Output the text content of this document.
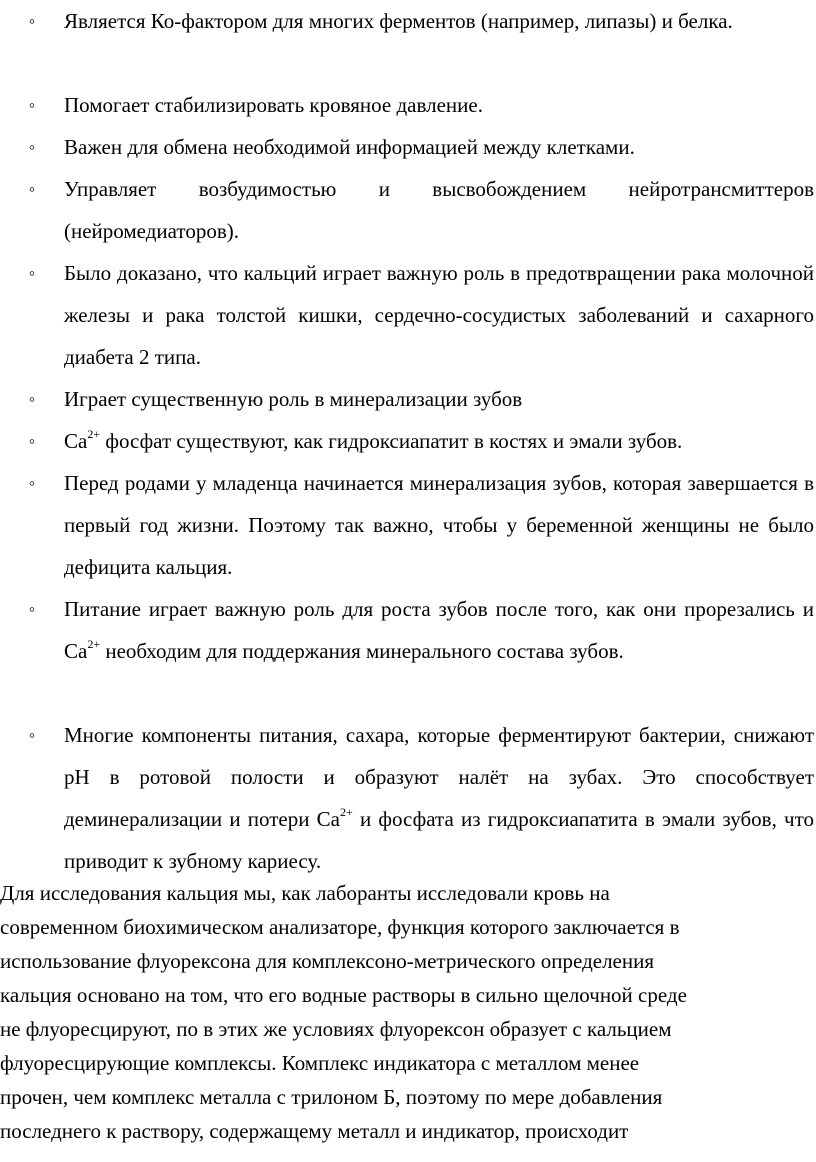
◦ Является Ко-фактором для многих ферментов (например, липазы) и белка.
◦ Помогает стабилизировать кровяное давление.
◦ Важен для обмена необходимой информацией между клетками.
◦ Управляет возбудимостью и высвобождением нейротрансмиттеров (нейромедиаторов).
◦ Было доказано, что кальций играет важную роль в предотвращении рака молочной железы и рака толстой кишки, сердечно-сосудистых заболеваний и сахарного диабета 2 типа.
◦ Играет существенную роль в минерализации зубов
◦ $Ca^{2+}$ фосфат существуют, как гидроксиапатит в костях и эмали зубов.
◦ Перед родами у младенца начинается минерализация зубов, которая завершается в первый год жизни. Поэтому так важно, чтобы у беременной женщины не было дефицита кальция.
◦ Питание играет важную роль для роста зубов после того, как они прорезались и $Ca^{2+}$ необходим для поддержания минерального состава зубов.
◦ Многие компоненты питания, сахара, которые ферментируют бактерии, снижают pH в ротовой полости и образуют налёт на зубах. Это способствует деминерализации и потери $Ca^{2+}$ и фосфата из гидроксиапатита в эмали зубов, что приводит к зубному кариесу.
Для исследования кальция мы, как лаборанты исследовали кровь на
современном биохимическом анализаторе, функция которого заключается в
использование флуорексона для комплексоно-метрического определения
кальция основано на том, что его водные растворы в сильно щелочной среде
не флуоресцируют, по в этих же условиях флуорексон образует с кальцием
флуоресцирующие комплексы. Комплекс индикатора с металлом менее
прочен, чем комплекс металла с трилоном Б, поэтому по мере добавления
последнего к раствору, содержащему металл и индикатор, происходит
